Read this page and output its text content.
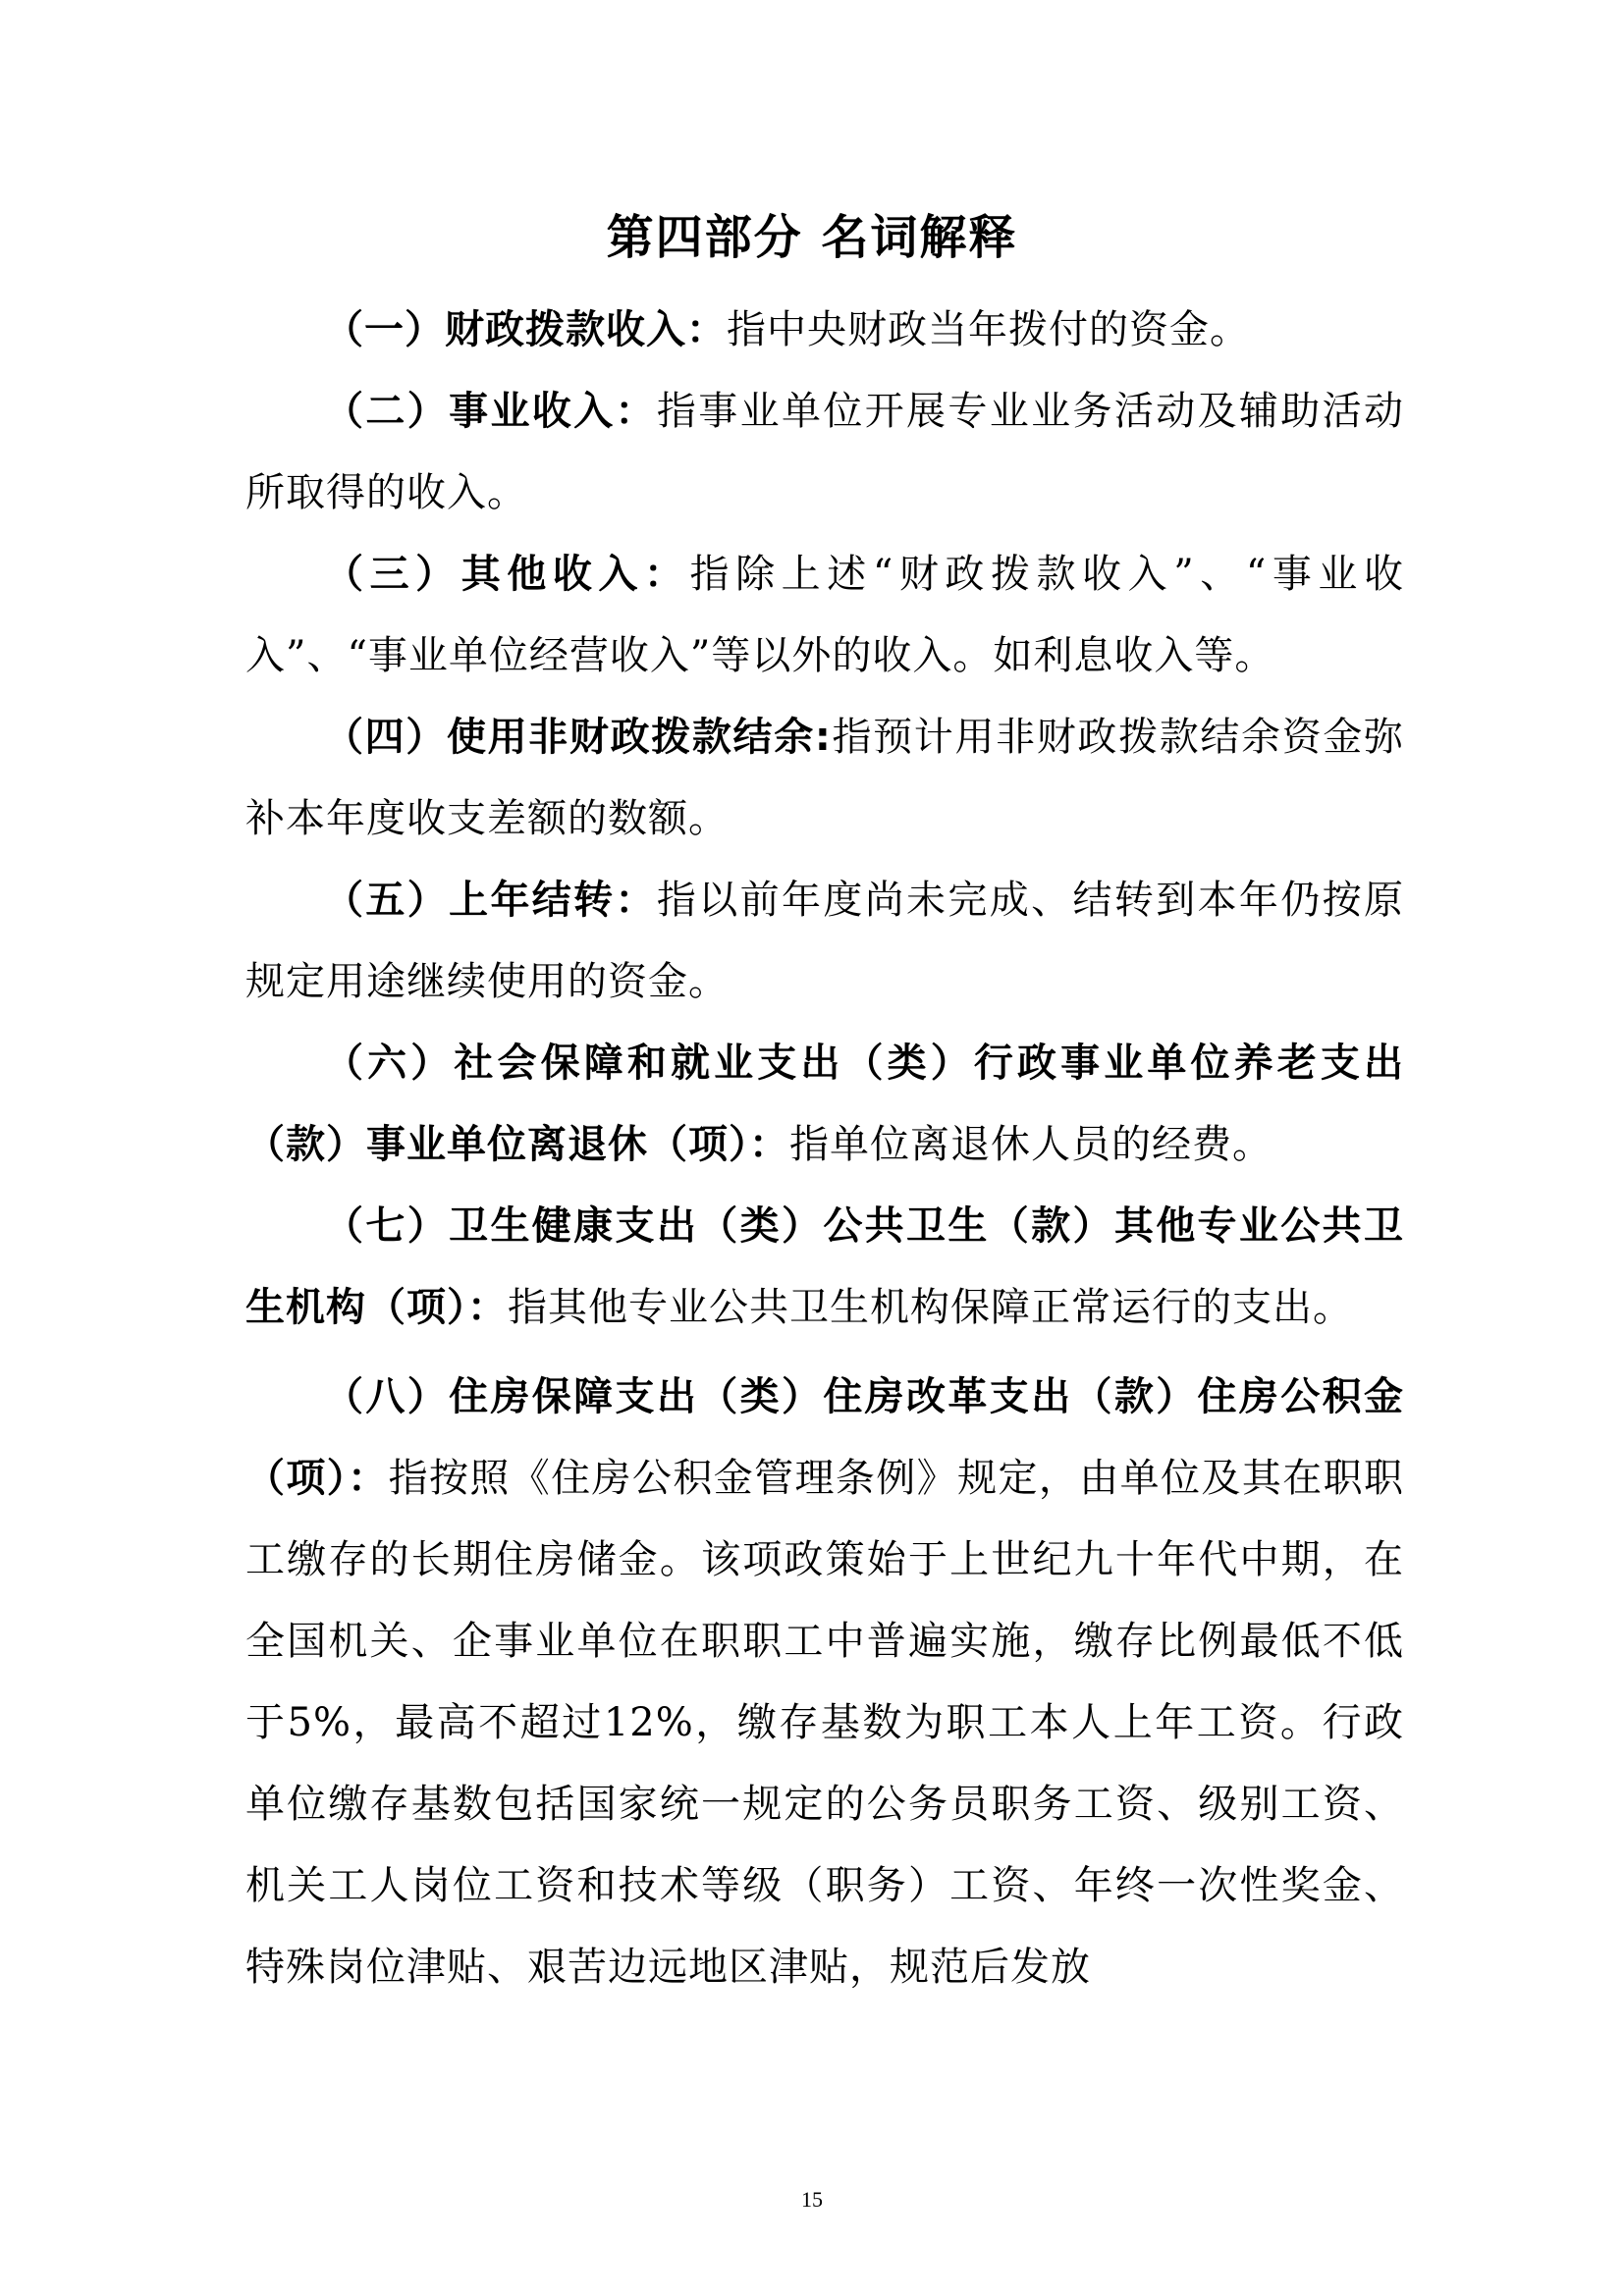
第四部分 名词解释

（一）财政拨款收入：指中央财政当年拨付的资金。

（二）事业收入：指事业单位开展专业业务活动及辅助活动所取得的收入。

（三）其他收入：指除上述“财政拨款收入”、“事业收入”、“事业单位经营收入”等以外的收入。如利息收入等。

（四）使用非财政拨款结余:指预计用非财政拨款结余资金弥补本年度收支差额的数额。

（五）上年结转：指以前年度尚未完成、结转到本年仍按原规定用途继续使用的资金。

（六）社会保障和就业支出（类）行政事业单位养老支出（款）事业单位离退休（项）：指单位离退休人员的经费。

（七）卫生健康支出（类）公共卫生（款）其他专业公共卫生机构（项）：指其他专业公共卫生机构保障正常运行的支出。

（八）住房保障支出（类）住房改革支出（款）住房公积金（项）：指按照《住房公积金管理条例》规定，由单位及其在职职工缴存的长期住房储金。该项政策始于上世纪九十年代中期，在全国机关、企事业单位在职职工中普遍实施，缴存比例最低不低于5%，最高不超过12%，缴存基数为职工本人上年工资。行政单位缴存基数包括国家统一规定的公务员职务工资、级别工资、机关工人岗位工资和技术等级（职务）工资、年终一次性奖金、特殊岗位津贴、艰苦边远地区津贴，规范后发放

15
